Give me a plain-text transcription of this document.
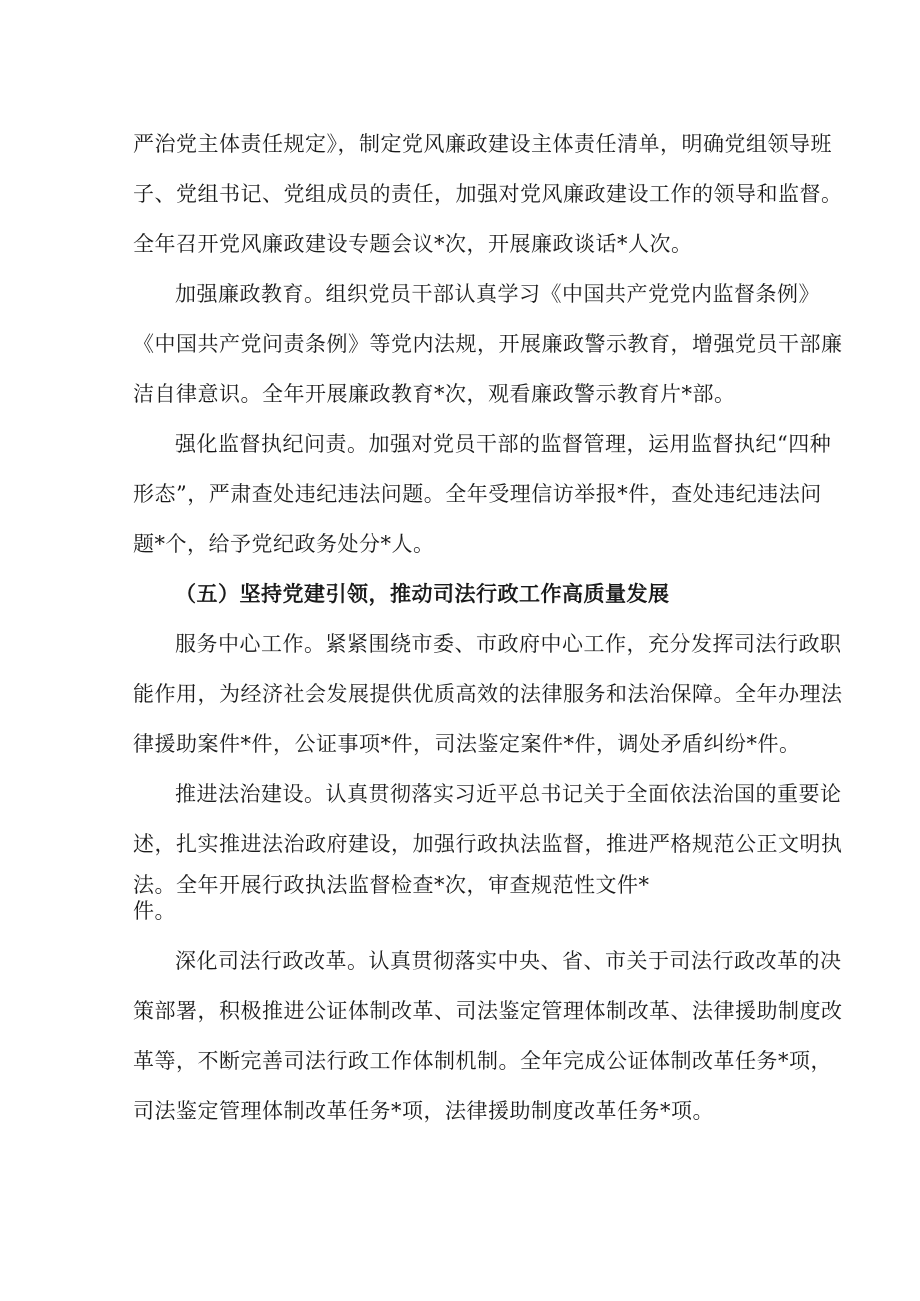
严治党主体责任规定》，制定党风廉政建设主体责任清单，明确党组领导班
子、党组书记、党组成员的责任，加强对党风廉政建设工作的领导和监督。
全年召开党风廉政建设专题会议*次，开展廉政谈话*人次。
加强廉政教育。组织党员干部认真学习《中国共产党党内监督条例》
《中国共产党问责条例》等党内法规，开展廉政警示教育，增强党员干部廉
洁自律意识。全年开展廉政教育*次，观看廉政警示教育片*部。
强化监督执纪问责。加强对党员干部的监督管理，运用监督执纪“四种
形态”，严肃查处违纪违法问题。全年受理信访举报*件，查处违纪违法问
题*个，给予党纪政务处分*人。
（五）坚持党建引领，推动司法行政工作高质量发展
服务中心工作。紧紧围绕市委、市政府中心工作，充分发挥司法行政职
能作用，为经济社会发展提供优质高效的法律服务和法治保障。全年办理法
律援助案件*件，公证事项*件，司法鉴定案件*件，调处矛盾纠纷*件。
推进法治建设。认真贯彻落实习近平总书记关于全面依法治国的重要论
述，扎实推进法治政府建设，加强行政执法监督，推进严格规范公正文明执
法。全年开展行政执法监督检查*次，审查规范性文件*
件。
深化司法行政改革。认真贯彻落实中央、省、市关于司法行政改革的决
策部署，积极推进公证体制改革、司法鉴定管理体制改革、法律援助制度改
革等，不断完善司法行政工作体制机制。全年完成公证体制改革任务*项，
司法鉴定管理体制改革任务*项，法律援助制度改革任务*项。
